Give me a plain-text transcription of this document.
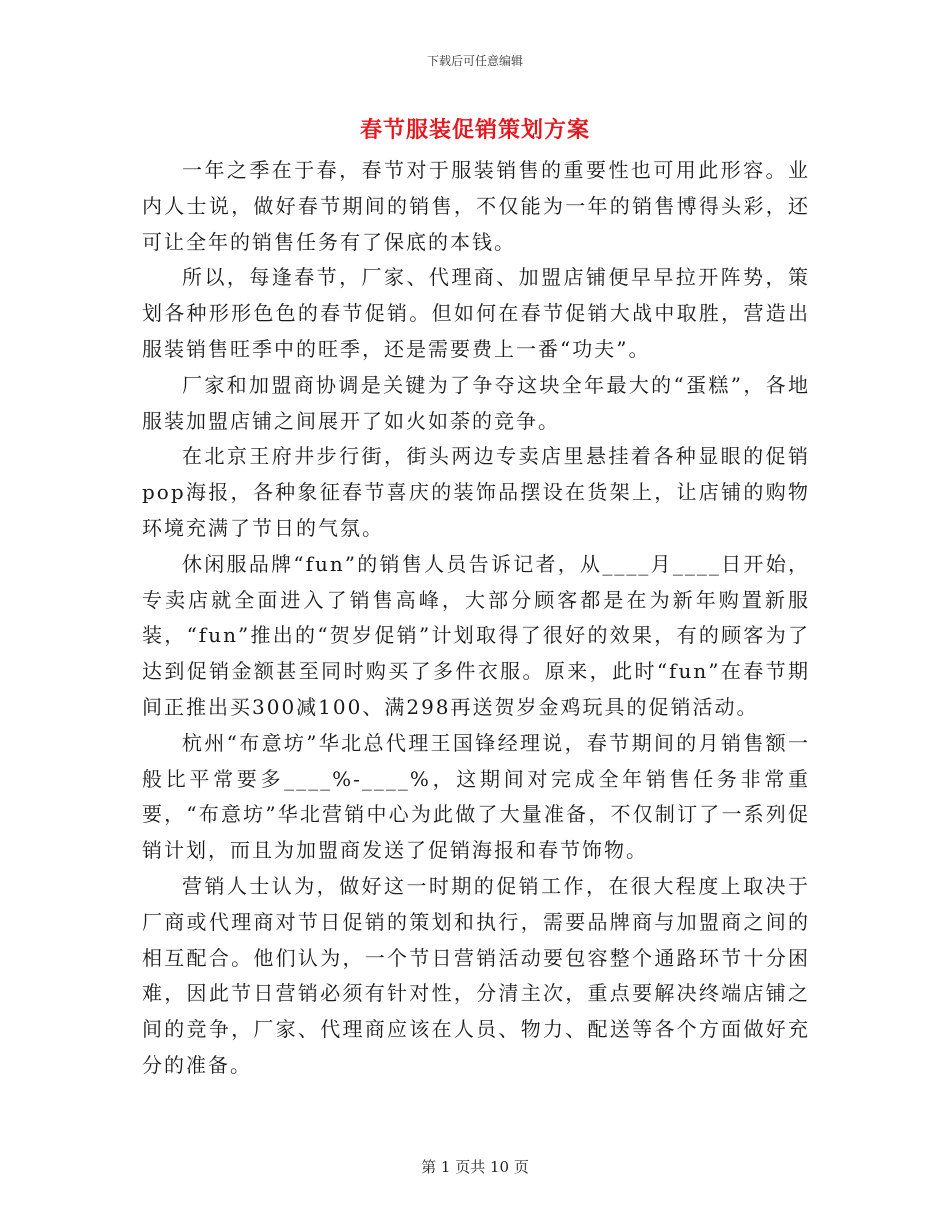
下载后可任意编辑
春节服装促销策划方案

一年之季在于春，春节对于服装销售的重要性也可用此形容。业内人士说，做好春节期间的销售，不仅能为一年的销售博得头彩，还可让全年的销售任务有了保底的本钱。

所以，每逢春节，厂家、代理商、加盟店铺便早早拉开阵势，策划各种形形色色的春节促销。但如何在春节促销大战中取胜，营造出服装销售旺季中的旺季，还是需要费上一番“功夫”。

厂家和加盟商协调是关键为了争夺这块全年最大的“蛋糕”，各地服装加盟店铺之间展开了如火如荼的竞争。

在北京王府井步行街，街头两边专卖店里悬挂着各种显眼的促销pop海报，各种象征春节喜庆的装饰品摆设在货架上，让店铺的购物环境充满了节日的气氛。

休闲服品牌“fun”的销售人员告诉记者，从____月____日开始，专卖店就全面进入了销售高峰，大部分顾客都是在为新年购置新服装，“fun”推出的“贺岁促销”计划取得了很好的效果，有的顾客为了达到促销金额甚至同时购买了多件衣服。原来，此时“fun”在春节期间正推出买300减100、满298再送贺岁金鸡玩具的促销活动。

杭州“布意坊”华北总代理王国锋经理说，春节期间的月销售额一般比平常要多____%-____%，这期间对完成全年销售任务非常重要，“布意坊”华北营销中心为此做了大量准备，不仅制订了一系列促销计划，而且为加盟商发送了促销海报和春节饰物。

营销人士认为，做好这一时期的促销工作，在很大程度上取决于厂商或代理商对节日促销的策划和执行，需要品牌商与加盟商之间的相互配合。他们认为，一个节日营销活动要包容整个通路环节十分困难，因此节日营销必须有针对性，分清主次，重点要解决终端店铺之间的竞争，厂家、代理商应该在人员、物力、配送等各个方面做好充分的准备。

第 1 页共 10 页
